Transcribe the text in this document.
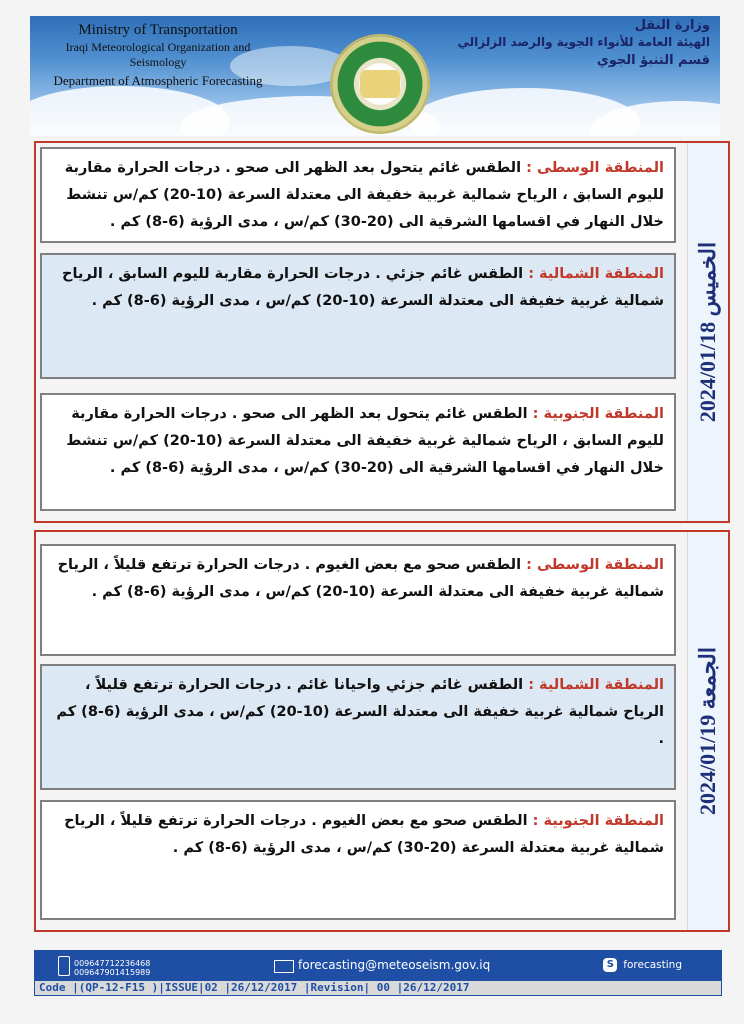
Ministry of Transportation
Iraqi Meteorological Organization and Seismology
Department of Atmospheric Forecasting
وزارة النقل
الهيئة العامة للأنواء الجوية والرصد الزلزالي
قسم التنبؤ الجوي
الخميس 2024/01/18
المنطقة الوسطى : الطقس غائم يتحول بعد الظهر الى صحو . درجات الحرارة مقاربة لليوم السابق ، الرياح شمالية غربية خفيفة الى معتدلة السرعة (10-20) كم/س تنشط خلال النهار في اقسامها الشرقية الى (20-30) كم/س ، مدى الرؤية (6-8) كم .
المنطقة الشمالية : الطقس غائم جزئي . درجات الحرارة مقاربة لليوم السابق ، الرياح شمالية غربية خفيفة الى معتدلة السرعة (10-20) كم/س ، مدى الرؤية (6-8) كم .
المنطقة الجنوبية : الطقس غائم يتحول بعد الظهر الى صحو . درجات الحرارة مقاربة لليوم السابق ، الرياح شمالية غربية خفيفة الى معتدلة السرعة (10-20) كم/س تنشط خلال النهار في اقسامها الشرقية الى (20-30) كم/س ، مدى الرؤية (6-8) كم .
الجمعة 2024/01/19
المنطقة الوسطى : الطقس صحو مع بعض الغيوم . درجات الحرارة ترتفع قليلاً ، الرياح شمالية غربية خفيفة الى معتدلة السرعة (10-20) كم/س ، مدى الرؤية (6-8) كم .
المنطقة الشمالية : الطقس غائم جزئي واحيانا غائم . درجات الحرارة ترتفع قليلاً ، الرياح شمالية غربية خفيفة الى معتدلة السرعة (10-20) كم/س ، مدى الرؤية (6-8) كم .
المنطقة الجنوبية : الطقس صحو مع بعض الغيوم . درجات الحرارة ترتفع قليلاً ، الرياح شمالية غربية معتدلة السرعة (20-30) كم/س ، مدى الرؤية (6-8) كم .
009647712236468
009647901415989
forecasting@meteoseism.gov.iq	S forecasting
Code |(QP-12-F15 )|ISSUE|02 |26/12/2017 |Revision| 00 |26/12/2017
